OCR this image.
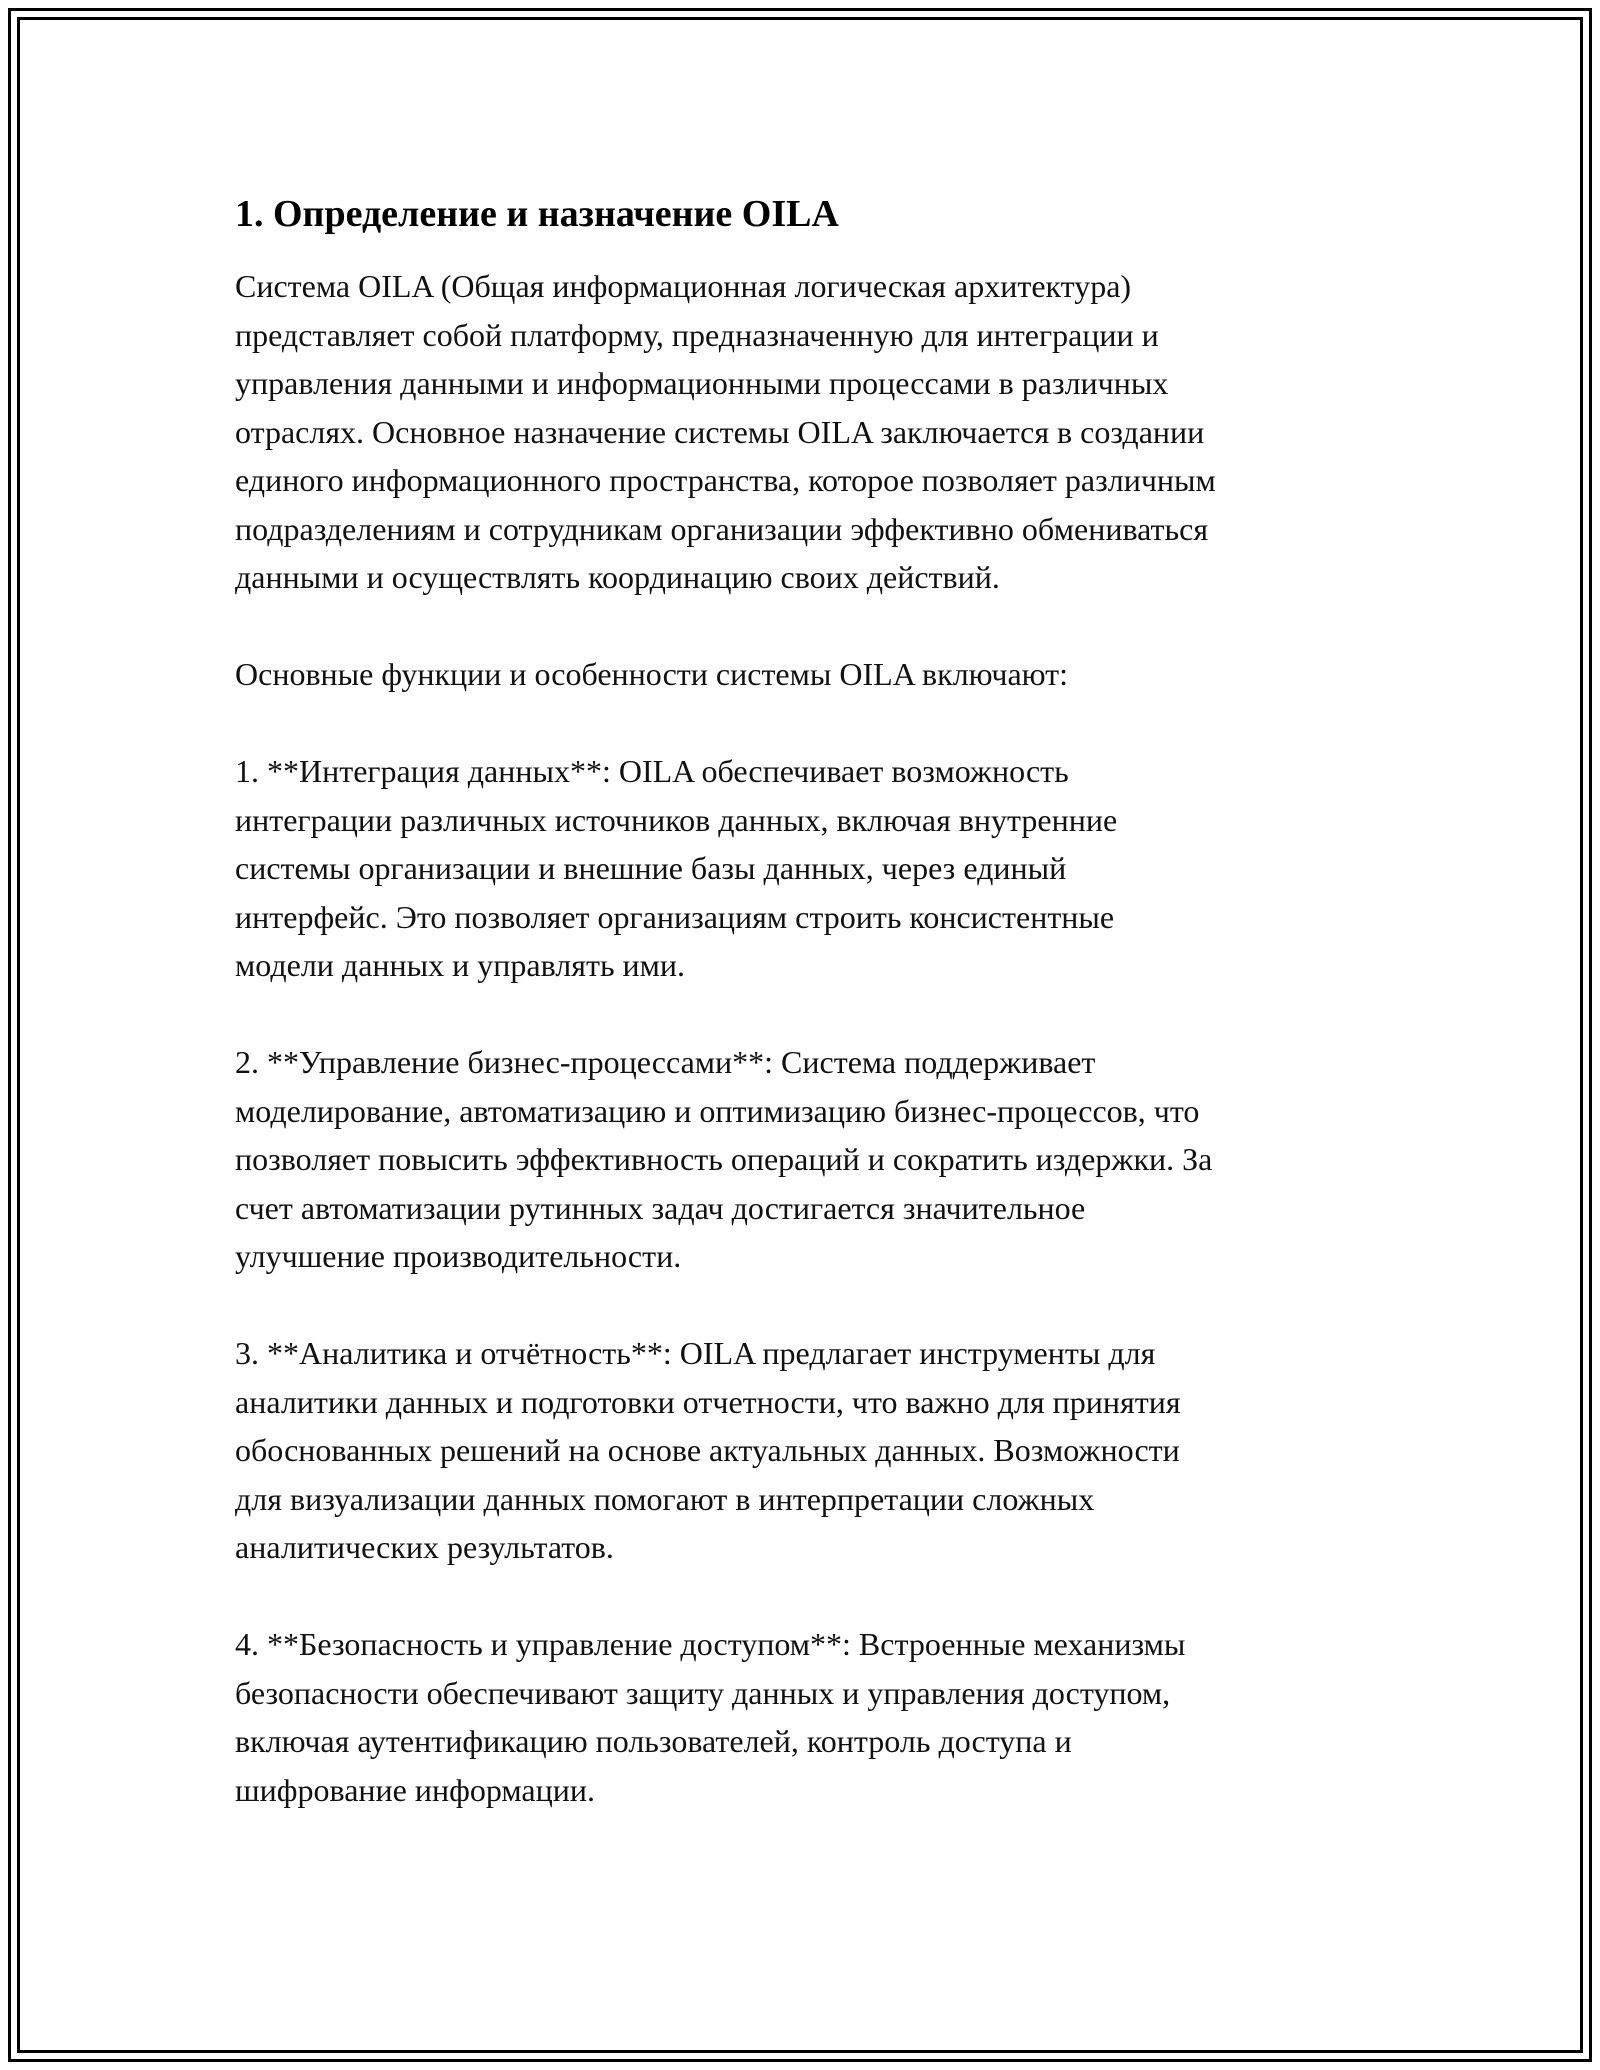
1. Определение и назначение OILA

Система OILA (Общая информационная логическая архитектура)
представляет собой платформу, предназначенную для интеграции и
управления данными и информационными процессами в различных
отраслях. Основное назначение системы OILA заключается в создании
единого информационного пространства, которое позволяет различным
подразделениям и сотрудникам организации эффективно обмениваться
данными и осуществлять координацию своих действий.

Основные функции и особенности системы OILA включают:

1. **Интеграция данных**: OILA обеспечивает возможность
интеграции различных источников данных, включая внутренние
системы организации и внешние базы данных, через единый
интерфейс. Это позволяет организациям строить консистентные
модели данных и управлять ими.

2. **Управление бизнес-процессами**: Система поддерживает
моделирование, автоматизацию и оптимизацию бизнес-процессов, что
позволяет повысить эффективность операций и сократить издержки. За
счет автоматизации рутинных задач достигается значительное
улучшение производительности.

3. **Аналитика и отчётность**: OILA предлагает инструменты для
аналитики данных и подготовки отчетности, что важно для принятия
обоснованных решений на основе актуальных данных. Возможности
для визуализации данных помогают в интерпретации сложных
аналитических результатов.

4. **Безопасность и управление доступом**: Встроенные механизмы
безопасности обеспечивают защиту данных и управления доступом,
включая аутентификацию пользователей, контроль доступа и
шифрование информации.
